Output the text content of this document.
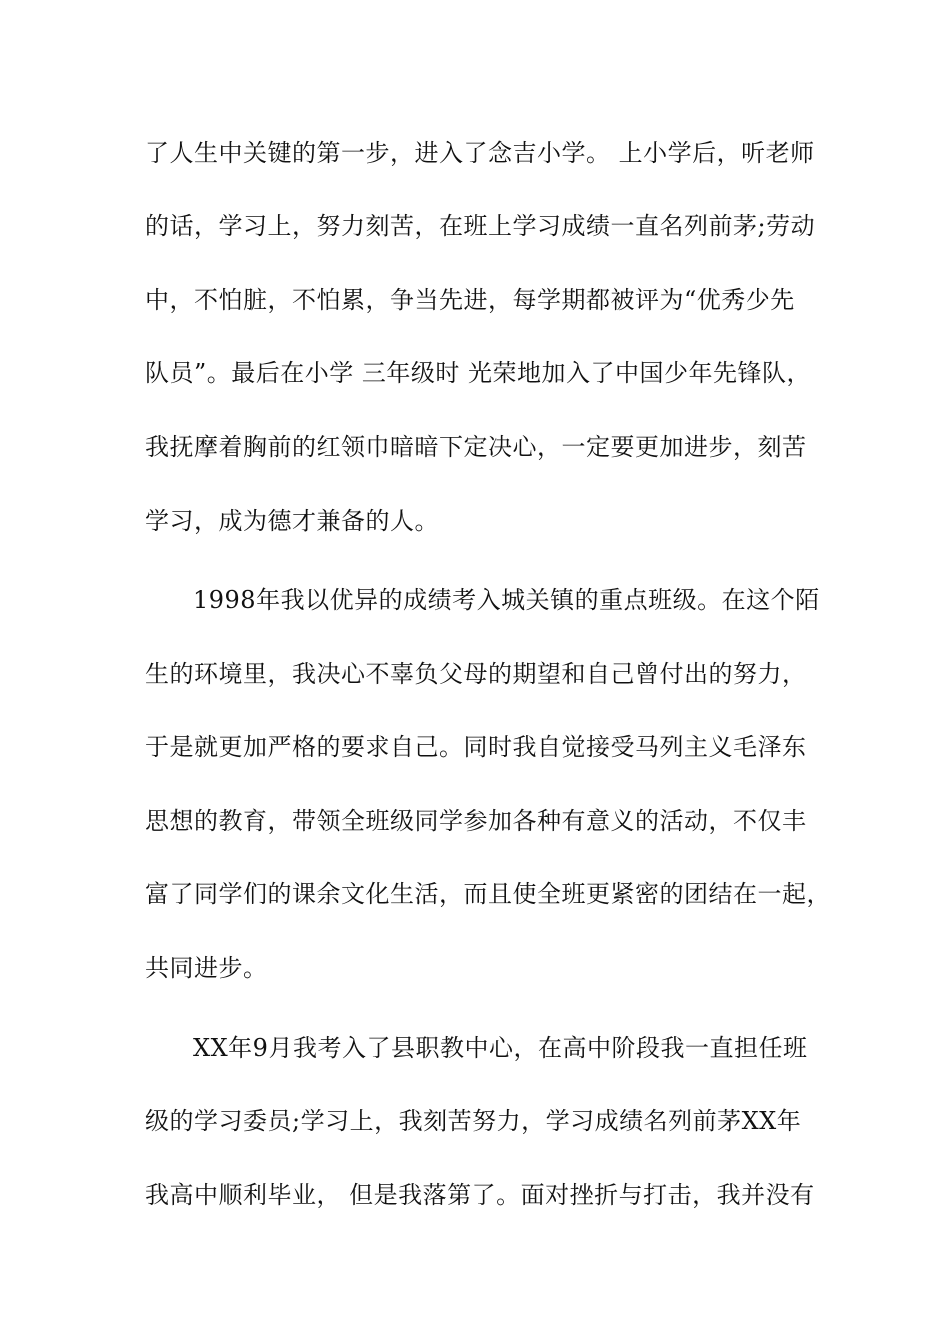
了人生中关键的第一步，进入了念吉小学。 上小学后，听老师
的话，学习上，努力刻苦，在班上学习成绩一直名列前茅;劳动
中，不怕脏，不怕累，争当先进，每学期都被评为“优秀少先
队员”。最后在小学 三年级时 光荣地加入了中国少年先锋队，
我抚摩着胸前的红领巾暗暗下定决心，一定要更加进步，刻苦
学习，成为德才兼备的人。
1998年我以优异的成绩考入城关镇的重点班级。在这个陌
生的环境里，我决心不辜负父母的期望和自己曾付出的努力，
于是就更加严格的要求自己。同时我自觉接受马列主义毛泽东
思想的教育，带领全班级同学参加各种有意义的活动，不仅丰
富了同学们的课余文化生活，而且使全班更紧密的团结在一起，
共同进步。
XX年9月我考入了县职教中心，在高中阶段我一直担任班
级的学习委员;学习上，我刻苦努力，学习成绩名列前茅XX年
我高中顺利毕业， 但是我落第了。面对挫折与打击，我并没有
